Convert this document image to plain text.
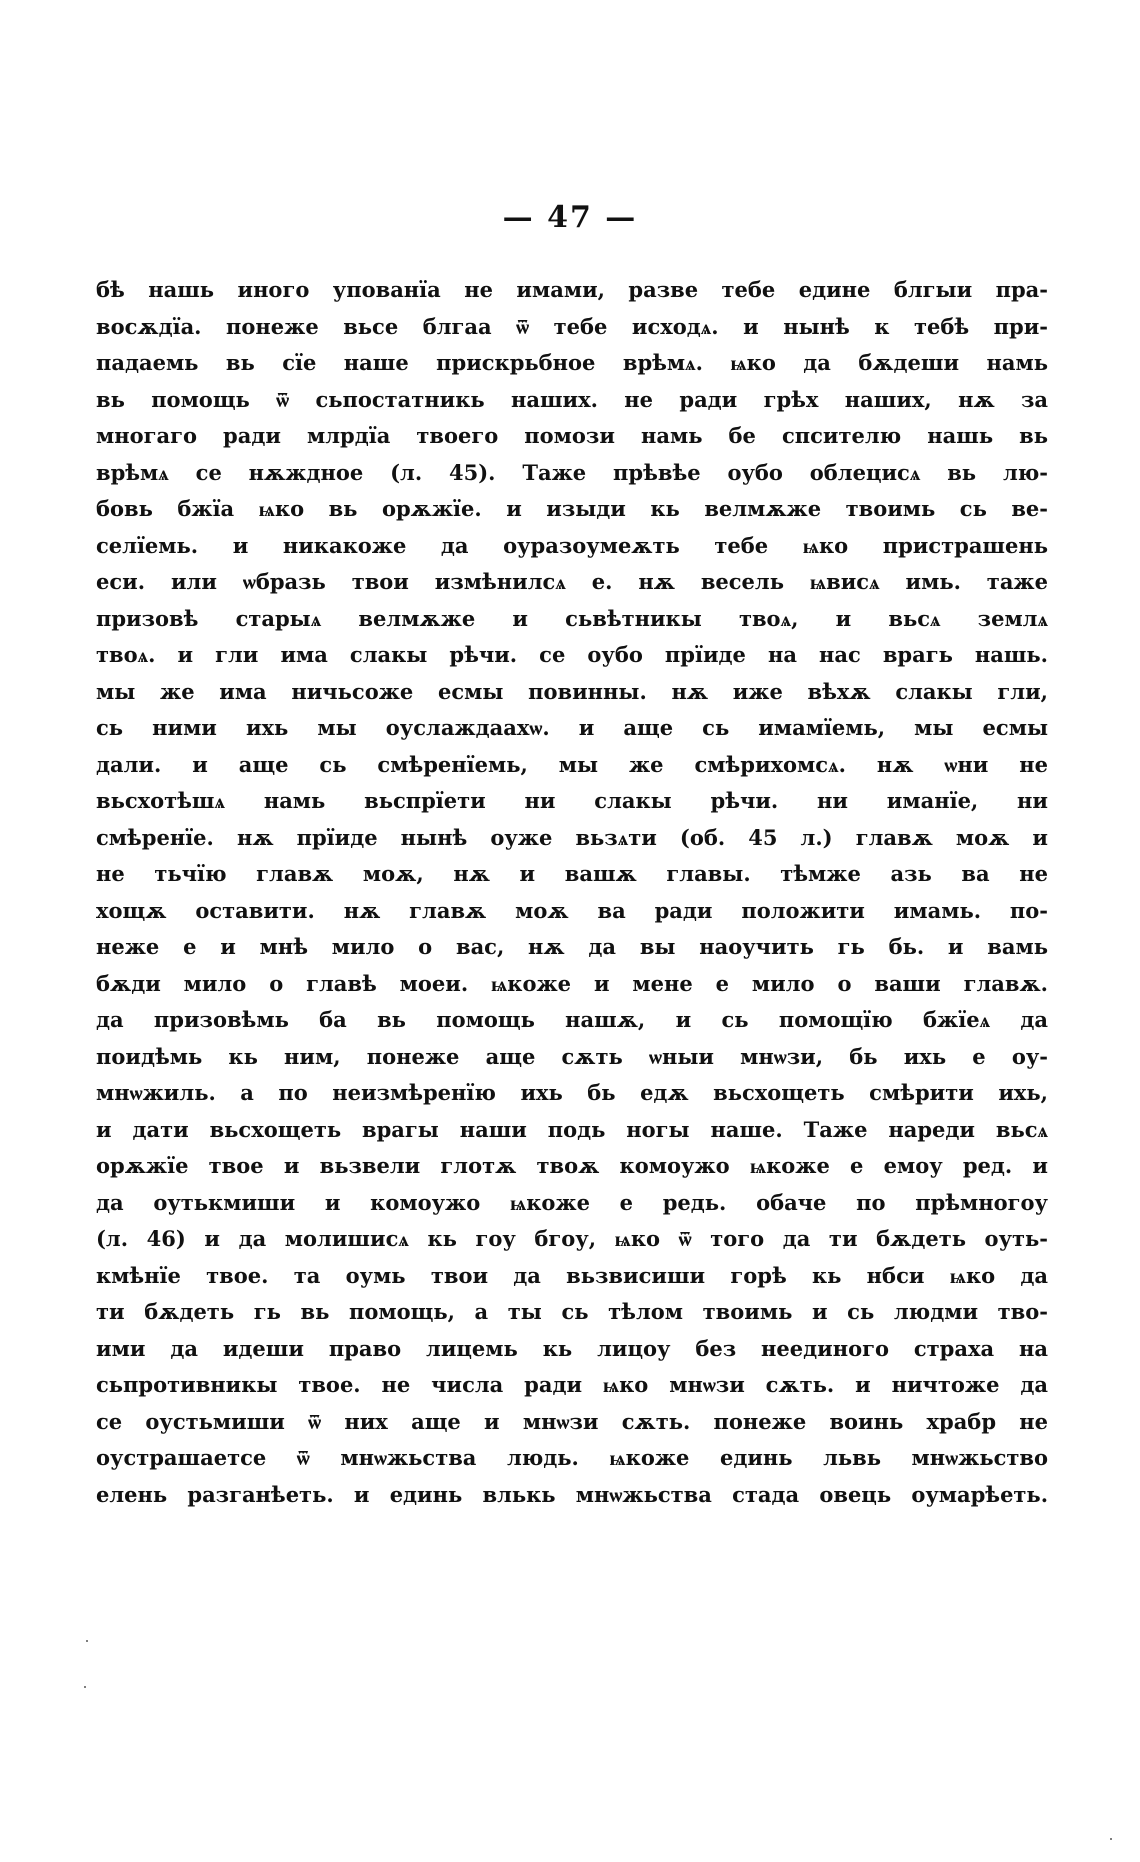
— 47 —
бѣ нашь иного упованїа не имами, разве тебе едине блгыи пра-
восѫдїа. понеже вьсе блгаа ѿ тебе исходѧ. и нынѣ к тебѣ при-
падаемь вь сїе наше прискрьбное врѣмѧ. ѩко да бѫдеши намь
вь помощь ѿ сьпостатникь наших. не ради грѣх наших, нѫ за
многаго ради млрдїа твоего помози намь бе спсителю нашь вь
врѣмѧ се нѫждное (л. 45). Таже прѣвѣе оубо облецисѧ вь лю-
бовь бжїа ѩко вь орѫжїе. и изыди кь велмѫже твоимь сь ве-
селїемь. и никакоже да оуразоумеѫть тебе ѩко пристрашень
еси. или ѡбразь твои измѣнилсѧ е. нѫ весель ѩвисѧ имь. таже
призовѣ старыѧ велмѫже и сьвѣтникы твоѧ, и вьсѧ землѧ
твоѧ. и гли има слакы рѣчи. се оубо прїиде на нас врагь нашь.
мы же има ничьсоже есмы повинны. нѫ иже вѣхѫ слакы гли,
сь ними ихь мы оуслаждаахѡ. и аще сь имамїемь, мы есмы
дали. и аще сь смѣренїемь, мы же смѣрихомсѧ. нѫ ѡни не
вьсхотѣшѧ намь вьспрїети ни слакы рѣчи. ни иманїе, ни
смѣренїе. нѫ прїиде нынѣ оуже вьзѧти (об. 45 л.) главѫ моѫ и
не тьчїю главѫ моѫ, нѫ и вашѫ главы. тѣмже азь ва не
хощѫ оставити. нѫ главѫ моѫ ва ради положити имамь. по-
неже е и мнѣ мило о вас, нѫ да вы наоучить гь бь. и вамь
бѫди мило о главѣ моеи. ѩкоже и мене е мило о ваши главѫ.
да призовѣмь ба вь помощь нашѫ, и сь помощїю бжїеѧ да
поидѣмь кь ним, понеже аще сѫть ѡныи мнѡзи, бь ихь е оу-
мнѡжиль. а по неизмѣренїю ихь бь едѫ вьсхощеть смѣрити ихь,
и дати вьсхощеть врагы наши подь ногы наше. Таже нареди вьсѧ
орѫжїе твое и вьзвели глотѫ твоѫ комоужо ѩкоже е емоу ред. и
да оутькмиши и комоужо ѩкоже е редь. обаче по прѣмногоу
(л. 46) и да молишисѧ кь гоу бгоу, ѩко ѿ того да ти бѫдеть оуть-
кмѣнїе твое. та оумь твои да вьзвисиши горѣ кь нбси ѩко да
ти бѫдеть гь вь помощь, а ты сь тѣлом твоимь и сь людми тво-
ими да идеши право лицемь кь лицоу без неединого страха на
сьпротивникы твое. не числа ради ѩко мнѡзи сѫть. и ничтоже да
се оустьмиши ѿ них аще и мнѡзи сѫть. понеже воинь храбр не
оустрашаетсе ѿ мнѡжьства людь. ѩкоже единь львь мнѡжьство
елень разганѣеть. и единь влькь мнѡжьства стада овець оумарѣеть.
